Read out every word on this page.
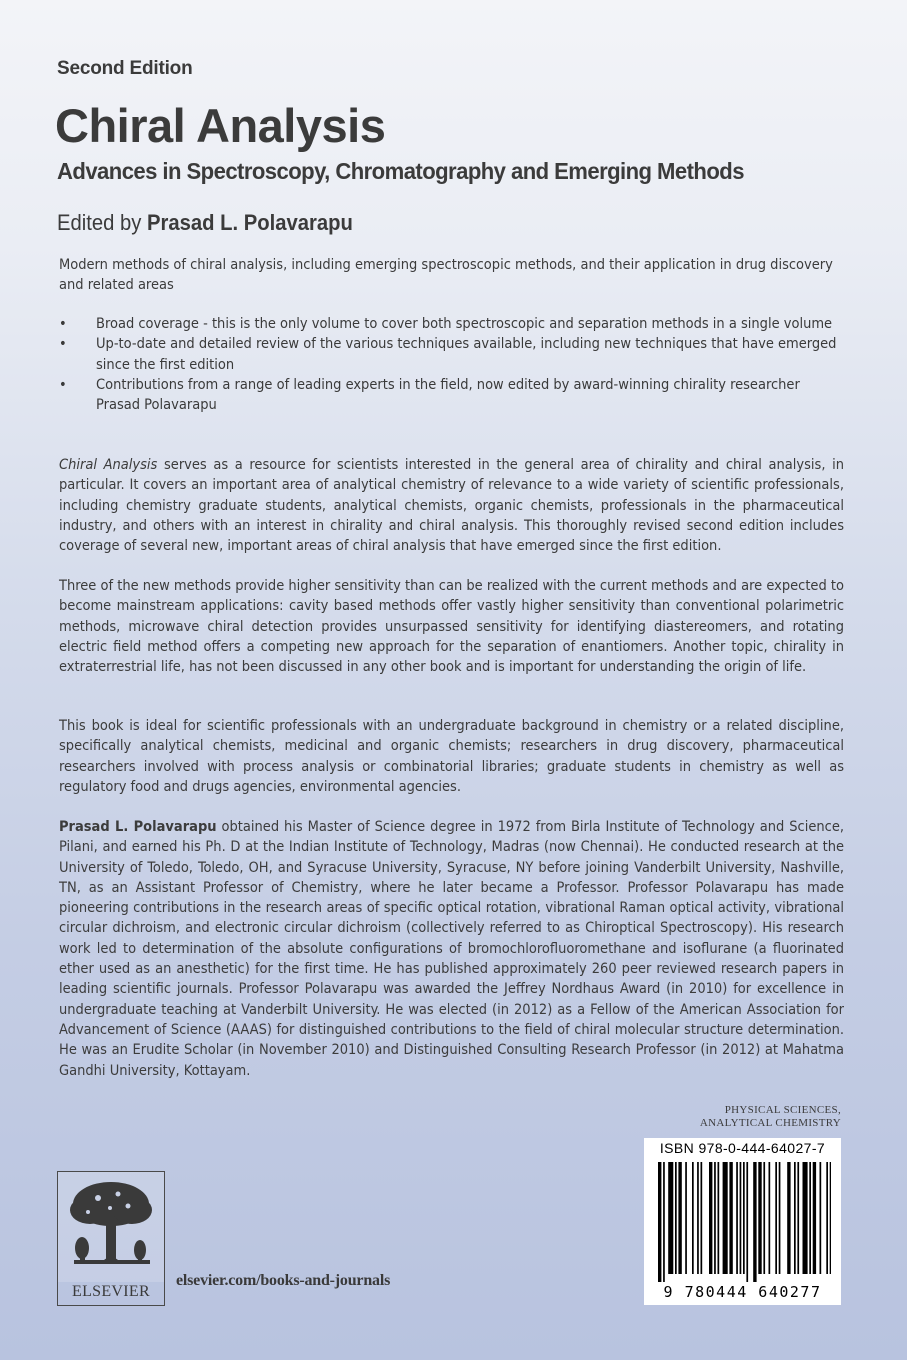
Second Edition
Chiral Analysis
Advances in Spectroscopy, Chromatography and Emerging Methods
Edited by Prasad L. Polavarapu
Modern methods of chiral analysis, including emerging spectroscopic methods, and their application in drug discovery and related areas
• Broad coverage - this is the only volume to cover both spectroscopic and separation methods in a single volume
• Up-to-date and detailed review of the various techniques available, including new techniques that have emerged since the first edition
• Contributions from a range of leading experts in the field, now edited by award-winning chirality researcher Prasad Polavarapu
Chiral Analysis serves as a resource for scientists interested in the general area of chirality and chiral analysis, in particular. It covers an important area of analytical chemistry of relevance to a wide variety of scientific professionals, including chemistry graduate students, analytical chemists, organic chemists, professionals in the pharmaceutical industry, and others with an interest in chirality and chiral analysis. This thoroughly revised second edition includes coverage of several new, important areas of chiral analysis that have emerged since the first edition.
Three of the new methods provide higher sensitivity than can be realized with the current methods and are expected to become mainstream applications: cavity based methods offer vastly higher sensitivity than conventional polarimetric methods, microwave chiral detection provides unsurpassed sensitivity for identifying diastereomers, and rotating electric field method offers a competing new approach for the separation of enantiomers. Another topic, chirality in extraterrestrial life, has not been discussed in any other book and is important for understanding the origin of life.
This book is ideal for scientific professionals with an undergraduate background in chemistry or a related discipline, specifically analytical chemists, medicinal and organic chemists; researchers in drug discovery, pharmaceutical researchers involved with process analysis or combinatorial libraries; graduate students in chemistry as well as regulatory food and drugs agencies, environmental agencies.
Prasad L. Polavarapu obtained his Master of Science degree in 1972 from Birla Institute of Technology and Science, Pilani, and earned his Ph. D at the Indian Institute of Technology, Madras (now Chennai). He conducted research at the University of Toledo, Toledo, OH, and Syracuse University, Syracuse, NY before joining Vanderbilt University, Nashville, TN, as an Assistant Professor of Chemistry, where he later became a Professor. Professor Polavarapu has made pioneering contributions in the research areas of specific optical rotation, vibrational Raman optical activity, vibrational circular dichroism, and electronic circular dichroism (collectively referred to as Chiroptical Spectroscopy). His research work led to determination of the absolute configurations of bromochlorofluoromethane and isoflurane (a fluorinated ether used as an anesthetic) for the first time. He has published approximately 260 peer reviewed research papers in leading scientific journals. Professor Polavarapu was awarded the Jeffrey Nordhaus Award (in 2010) for excellence in undergraduate teaching at Vanderbilt University. He was elected (in 2012) as a Fellow of the American Association for Advancement of Science (AAAS) for distinguished contributions to the field of chiral molecular structure determination. He was an Erudite Scholar (in November 2010) and Distinguished Consulting Research Professor (in 2012) at Mahatma Gandhi University, Kottayam.
PHYSICAL SCIENCES,
ANALYTICAL CHEMISTRY
ISBN 978-0-444-64027-7
9 780444 640277
ELSEVIER
elsevier.com/books-and-journals
